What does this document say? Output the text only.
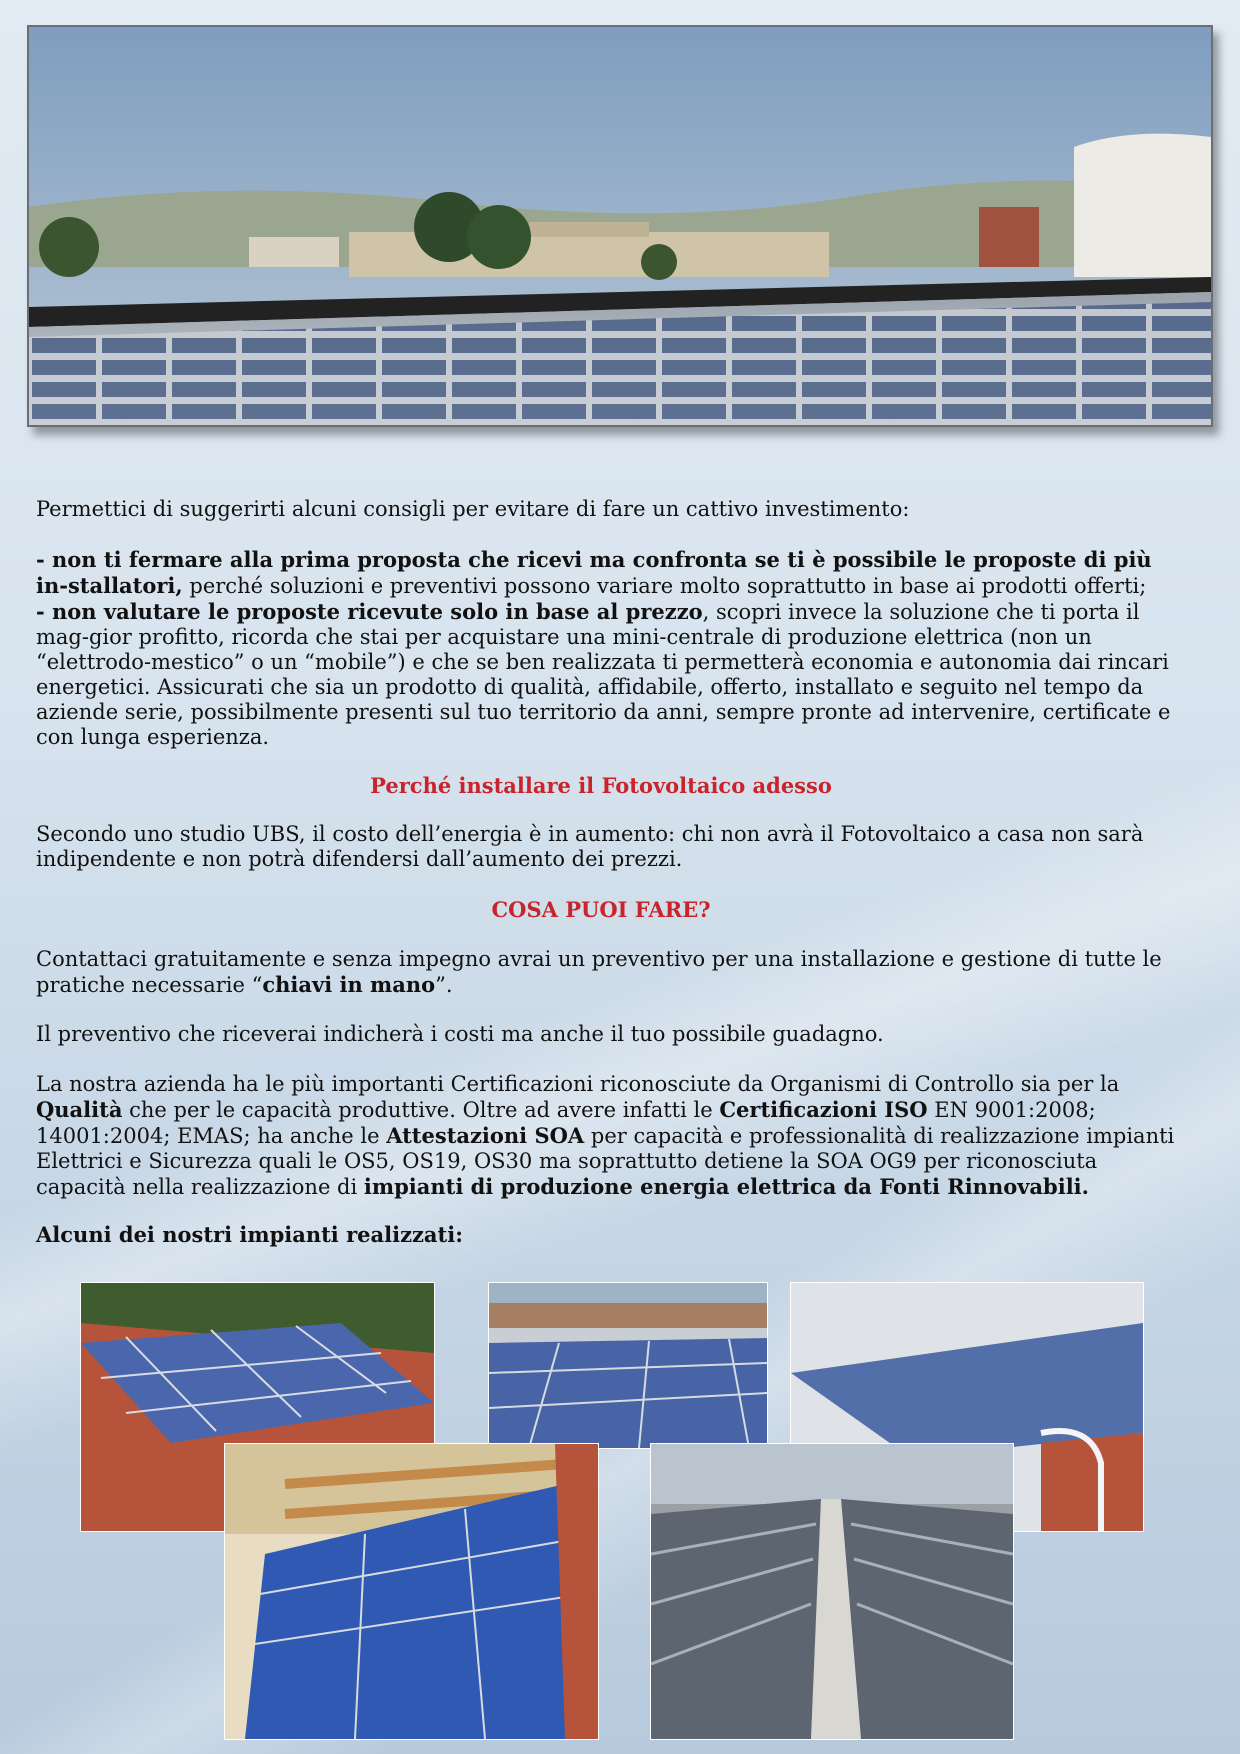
Permettici di suggerirti alcuni consigli per evitare di fare un cattivo investimento:

- non ti fermare alla prima proposta che ricevi ma confronta se ti è possibile le proposte di più in-stallatori, perché soluzioni e preventivi possono variare molto soprattutto in base ai prodotti offerti;
- non valutare le proposte ricevute solo in base al prezzo, scopri invece la soluzione che ti porta il mag-gior profitto, ricorda che stai per acquistare una mini-centrale di produzione elettrica (non un “elettrodo-mestico” o un “mobile”) e che se ben realizzata ti permetterà economia e autonomia dai rincari energetici. Assicurati che sia un prodotto di qualità, affidabile, offerto, installato e seguito nel tempo da aziende serie, possibilmente presenti sul tuo territorio da anni, sempre pronte ad intervenire, certificate e con lunga esperienza.

Perché installare il Fotovoltaico adesso

Secondo uno studio UBS, il costo dell’energia è in aumento: chi non avrà il Fotovoltaico a casa non sarà indipendente e non potrà difendersi dall’aumento dei prezzi.

COSA PUOI FARE?

Contattaci gratuitamente e senza impegno avrai un preventivo per una installazione e gestione di tutte le pratiche necessarie “chiavi in mano”.

Il preventivo che riceverai indicherà i costi ma anche il tuo possibile guadagno.

La nostra azienda ha le più importanti Certificazioni riconosciute da Organismi di Controllo sia per la Qualità che per le capacità produttive. Oltre ad avere infatti le Certificazioni ISO EN 9001:2008; 14001:2004; EMAS; ha anche le Attestazioni SOA per capacità e professionalità di realizzazione impianti Elettrici e Sicurezza quali le OS5, OS19, OS30 ma soprattutto detiene la SOA OG9 per riconosciuta capacità nella realizzazione di impianti di produzione energia elettrica da Fonti Rinnovabili.

Alcuni dei nostri impianti realizzati:
